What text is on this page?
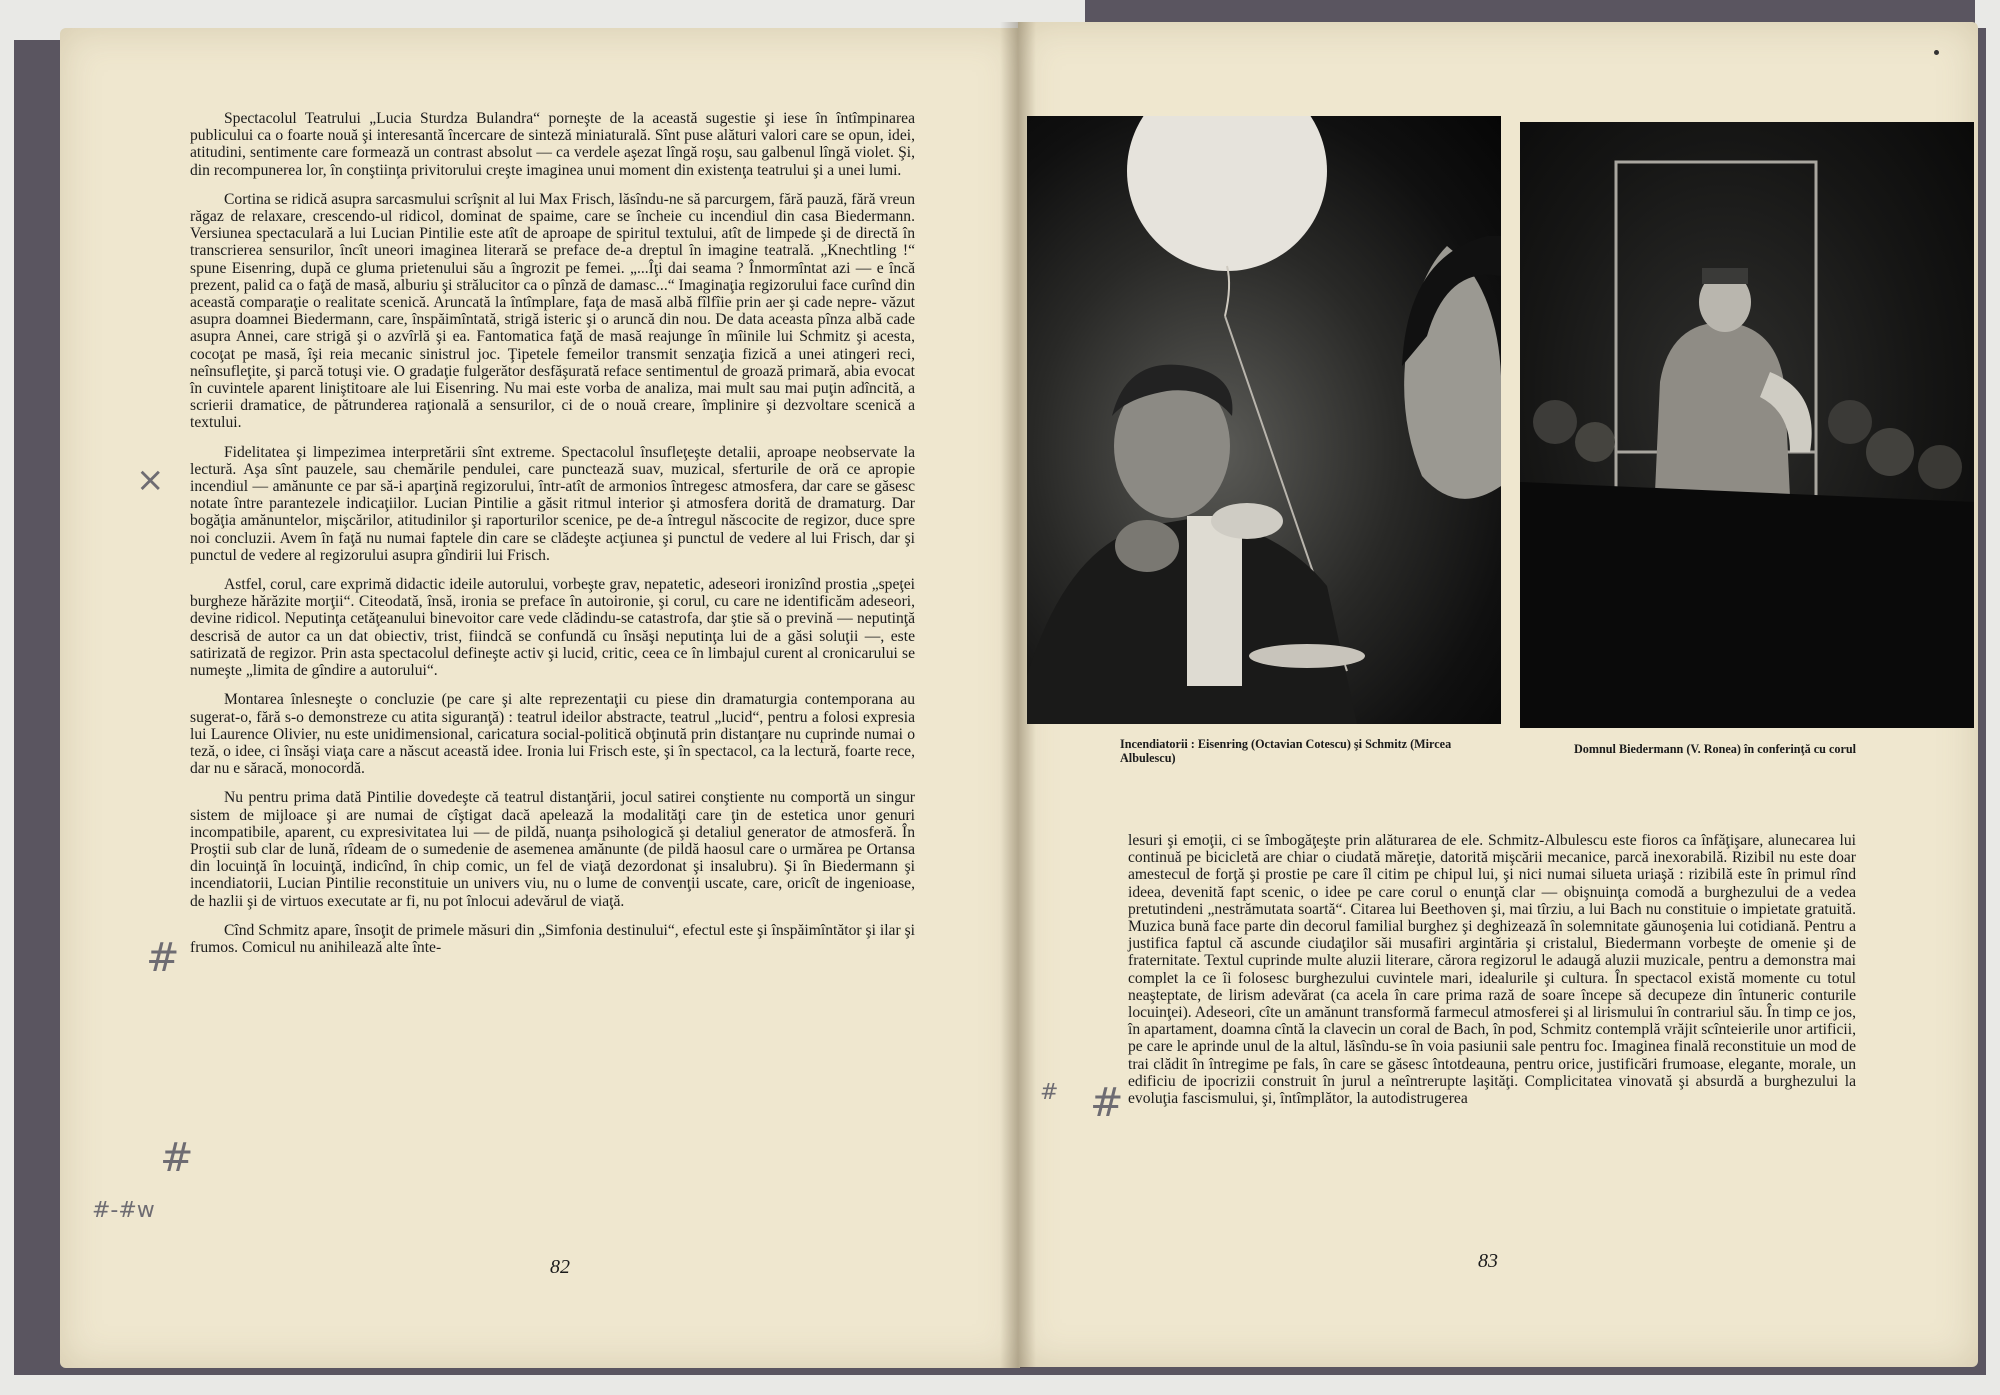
Spectacolul Teatrului „Lucia Sturdza Bulandra“ porneşte de la această sugestie şi iese în întîmpinarea publicului ca o foarte nouă şi interesantă încercare de sinteză miniaturală. Sînt puse alături valori care se opun, idei, atitudini, sentimente care formează un contrast absolut — ca verdele aşezat lîngă roşu, sau galbenul lîngă violet. Şi, din recompunerea lor, în conştiinţa privitorului creşte imaginea unui moment din existenţa teatrului şi a unei lumi.

Cortina se ridică asupra sarcasmului scrîşnit al lui Max Frisch, lăsîndu-ne să parcurgem, fără pauză, fără vreun răgaz de relaxare, crescendo-ul ridicol, dominat de spaime, care se încheie cu incendiul din casa Biedermann. Versiunea spectaculară a lui Lucian Pintilie este atît de aproape de spiritul textului, atît de limpede şi de directă în transcrierea sensurilor, încît uneori imaginea literară se preface de-a dreptul în imagine teatrală. „Knechtling !“ spune Eisenring, după ce gluma prietenului său a îngrozit pe femei. „...Îţi dai seama ? Înmormîntat azi — e încă prezent, palid ca o faţă de masă, alburiu şi strălucitor ca o pînză de damasc...“ Imaginaţia regizorului face curînd din această comparaţie o realitate scenică. Aruncată la întîmplare, faţa de masă albă fîlfîie prin aer şi cade nepre- văzut asupra doamnei Biedermann, care, înspăimîntată, strigă isteric şi o aruncă din nou. De data aceasta pînza albă cade asupra Annei, care strigă şi o azvîrlă şi ea. Fantomatica faţă de masă reajunge în mîinile lui Schmitz şi acesta, cocoţat pe masă, îşi reia mecanic sinistrul joc. Ţipetele femeilor transmit senzaţia fizică a unei atingeri reci, neînsufleţite, şi parcă totuşi vie. O gradaţie fulgerător desfăşurată reface sentimentul de groază primară, abia evocat în cuvintele aparent liniştitoare ale lui Eisenring. Nu mai este vorba de analiza, mai mult sau mai puţin adîncită, a scrierii dramatice, de pătrunderea raţională a sensurilor, ci de o nouă creare, împlinire şi dezvoltare scenică a textului.

Fidelitatea şi limpezimea interpretării sînt extreme. Spectacolul însufleţeşte detalii, aproape neobservate la lectură. Aşa sînt pauzele, sau chemările pendulei, care punctează suav, muzical, sferturile de oră ce apropie incendiul — amănunte ce par să-i aparţină regizorului, într-atît de armonios întregesc atmosfera, dar care se găsesc notate între parantezele indicaţiilor. Lucian Pintilie a găsit ritmul interior şi atmosfera dorită de dramaturg. Dar bogăţia amănuntelor, mişcărilor, atitudinilor şi raporturilor scenice, pe de-a întregul născocite de regizor, duce spre noi concluzii. Avem în faţă nu numai faptele din care se clădeşte acţiunea şi punctul de vedere al lui Frisch, dar şi punctul de vedere al regizorului asupra gîndirii lui Frisch.

Astfel, corul, care exprimă didactic ideile autorului, vorbeşte grav, nepatetic, adeseori ironizînd prostia „speţei burgheze hărăzite morţii“. Citeodată, însă, ironia se preface în autoironie, şi corul, cu care ne identificăm adeseori, devine ridicol. Neputinţa cetăţeanului binevoitor care vede clădindu-se catastrofa, dar ştie să o prevină — neputinţă descrisă de autor ca un dat obiectiv, trist, fiindcă se confundă cu însăşi neputinţa lui de a găsi soluţii —, este satirizată de regizor. Prin asta spectacolul defineşte activ şi lucid, critic, ceea ce în limbajul curent al cronicarului se numeşte „limita de gîndire a autorului“.

Montarea înlesneşte o concluzie (pe care şi alte reprezentaţii cu piese din dramaturgia contemporana au sugerat-o, fără s-o demonstreze cu atita siguranţă) : teatrul ideilor abstracte, teatrul „lucid“, pentru a folosi expresia lui Laurence Olivier, nu este unidimensional, caricatura social-politică obţinută prin distanţare nu cuprinde numai o teză, o idee, ci însăşi viaţa care a născut această idee. Ironia lui Frisch este, şi în spectacol, ca la lectură, foarte rece, dar nu e săracă, monocordă.

Nu pentru prima dată Pintilie dovedeşte că teatrul distanţării, jocul satirei conştiente nu comportă un singur sistem de mijloace şi are numai de cîştigat dacă apelează la modalităţi care ţin de estetica unor genuri incompatibile, aparent, cu expresivitatea lui — de pildă, nuanţa psihologică şi detaliul generator de atmosferă. În Proştii sub clar de lună, rîdeam de o sumedenie de asemenea amănunte (de pildă haosul care o urmărea pe Ortansa din locuinţă în locuinţă, indicînd, în chip comic, un fel de viaţă dezordonat şi insalubru). Şi în Biedermann şi incendiatorii, Lucian Pintilie reconstituie un univers viu, nu o lume de convenţii uscate, care, oricît de ingenioase, de hazlii şi de virtuos executate ar fi, nu pot înlocui adevărul de viaţă.

Cînd Schmitz apare, însoţit de primele măsuri din „Simfonia destinului“, efectul este şi înspăimîntător şi ilar şi frumos. Comicul nu anihilează alte înte-

82
×
#
#
#-#w
#
#
Incendiatorii : Eisenring (Octavian Cotescu) şi Schmitz (Mircea Albulescu)
Domnul Biedermann (V. Ronea) în conferinţă cu corul

lesuri şi emoţii, ci se îmbogăţeşte prin alăturarea de ele. Schmitz-Albulescu este fioros ca înfăţişare, alunecarea lui continuă pe bicicletă are chiar o ciudată măreţie, datorită mişcării mecanice, parcă inexorabilă. Rizibil nu este doar amestecul de forţă şi prostie pe care îl citim pe chipul lui, şi nici numai silueta uriaşă : rizibilă este în primul rînd ideea, devenită fapt scenic, o idee pe care corul o enunţă clar — obişnuinţa comodă a burghezului de a vedea pretutindeni „nestrămutata soartă“. Citarea lui Beethoven şi, mai tîrziu, a lui Bach nu constituie o impietate gratuită. Muzica bună face parte din decorul familial burghez şi deghizează în solemnitate găunoşenia lui cotidiană. Pentru a justifica faptul că ascunde ciudaţilor săi musafiri argintăria şi cristalul, Biedermann vorbeşte de omenie şi de fraternitate. Textul cuprinde multe aluzii literare, cărora regizorul le adaugă aluzii muzicale, pentru a demonstra mai complet la ce îi folosesc burghezului cuvintele mari, idealurile şi cultura. În spectacol există momente cu totul neaşteptate, de lirism adevărat (ca acela în care prima rază de soare începe să decupeze din întuneric conturile locuinţei). Adeseori, cîte un amănunt transformă farmecul atmosferei şi al lirismului în contrariul său. În timp ce jos, în apartament, doamna cîntă la clavecin un coral de Bach, în pod, Schmitz contemplă vrăjit scînteierile unor artificii, pe care le aprinde unul de la altul, lăsîndu-se în voia pasiunii sale pentru foc. Imaginea finală reconstituie un mod de trai clădit în întregime pe fals, în care se găsesc întotdeauna, pentru orice, justificări frumoase, elegante, morale, un edificiu de ipocrizii construit în jurul a neîntrerupte laşităţi. Complicitatea vinovată şi absurdă a burghezului la evoluţia fascismului, şi, întîmplător, la autodistrugerea

83
